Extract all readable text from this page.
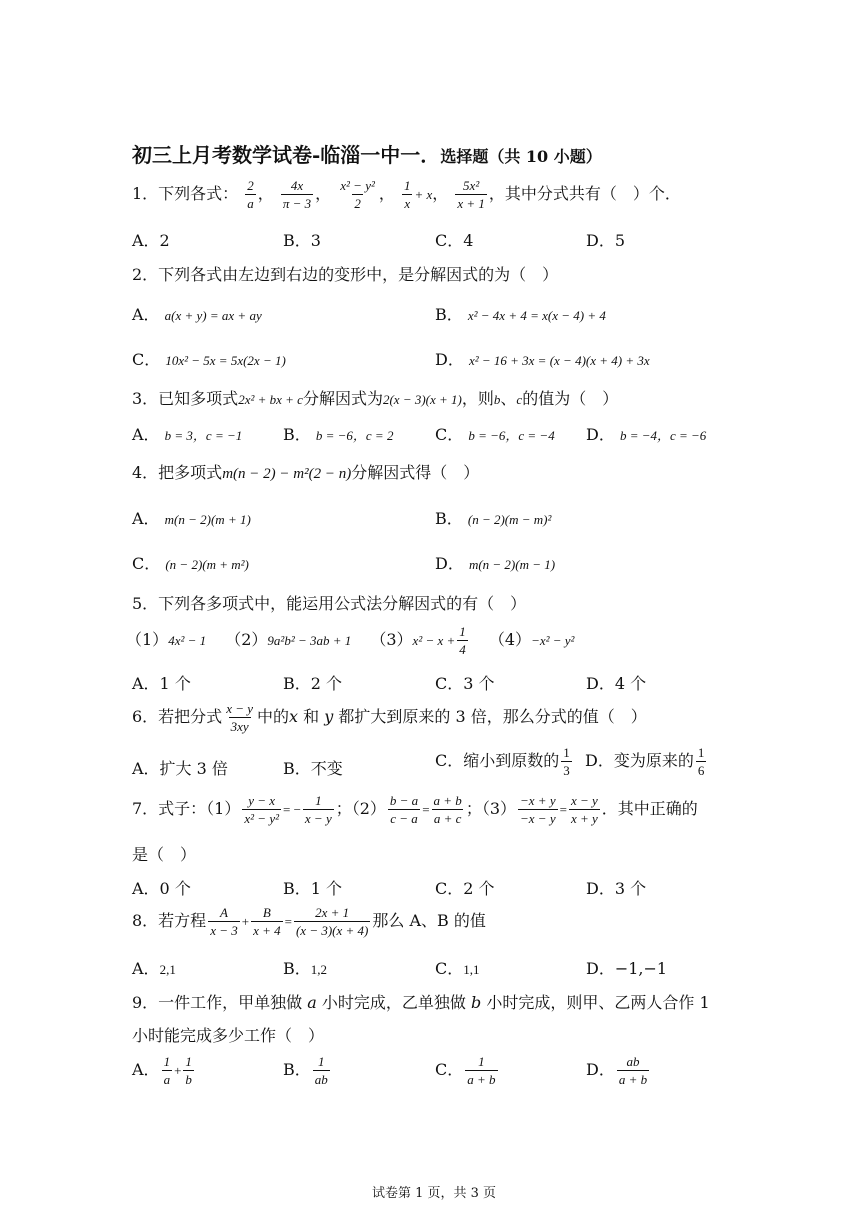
初三上月考数学试卷-临淄一中一．选择题（共 10 小题）
1．下列各式： $\frac{2}{a}$ ， $\frac{4x}{\pi - 3}$ ， $\frac{\text{x² − y²}}{2}$ ， $\frac{1}{x} + x$， $\frac{\text{5x²}}{x + 1}$ ，其中分式共有（　）个．
A．2	B．3	C．4	D．5
2．下列各式由左边到右边的变形中，是分解因式的为（　）
A． a(x + y) = ax + ay	B． x² − 4x + 4 = x(x − 4) + 4
C． 10x² − 5x = 5x(2x − 1)	D． x² − 16 + 3x = (x − 4)(x + 4) + 3x
3．已知多项式2x² + bx + c分解因式为2(x − 3)(x + 1)，则b、c的值为（　）
A． b = 3，c = −1	B． b = −6，c = 2	C． b = −6，c = −4 D． b = −4，c = −6
4．把多项式m(n − 2) − m²(2 − n)分解因式得（　）
A． m(n − 2)(m + 1)	B． (n − 2)(m − m)²
C． (n − 2)(m + m²)	D． m(n − 2)(m − 1)
5．下列各多项式中，能运用公式法分解因式的有（　）
（1）4x² − 1 （2）9a²b² − 3ab + 1 $(3)x^2 - x + \frac{1}{4} (4)-x^2 - y^2$
A．1 个	B．2 个	C．3 个	D．4 个
6．若把分式 $\frac{x - y}{3xy}$ 中的x 和 y 都扩大到原来的 3 倍，那么分式的值（　）
A．扩大 3 倍	B．不变	C．缩小到原数的 $\frac{1}{3}$ D．变为原来的 $\frac{1}{6}$
7．式子：$(1) \frac{y - x}{\text{x² − y²}}$ = − $\frac{1}{x - y}$ ；$(2) \frac{b - a}{c - a} = \frac{a + b}{a + c}$ ；$(3) \frac{-x + y}{-x - y} = \frac{x - y}{x + y}$ ．其中正确的
是（　）
A．0 个	B．1 个	C．2 个	D．3 个
8．若方程 $\frac{A}{x - 3} + \frac{B}{x + 4} = \frac{2x + 1}{(x - 3)(x + 4)}$ 那么 A、B 的值
A．2,1	B．1,2	C．1,1	D．−1,−1
9．一件工作，甲单独做 a 小时完成，乙单独做 b 小时完成，则甲、乙两人合作 1
小时能完成多少工作（　）
A． $\frac{1}{a} + \frac{1}{b}$	B． $\frac{1}{ab}$	C． $\frac{1}{a + b}$	D． $\frac{ab}{a + b}$
试卷第 1 页，共 3 页
